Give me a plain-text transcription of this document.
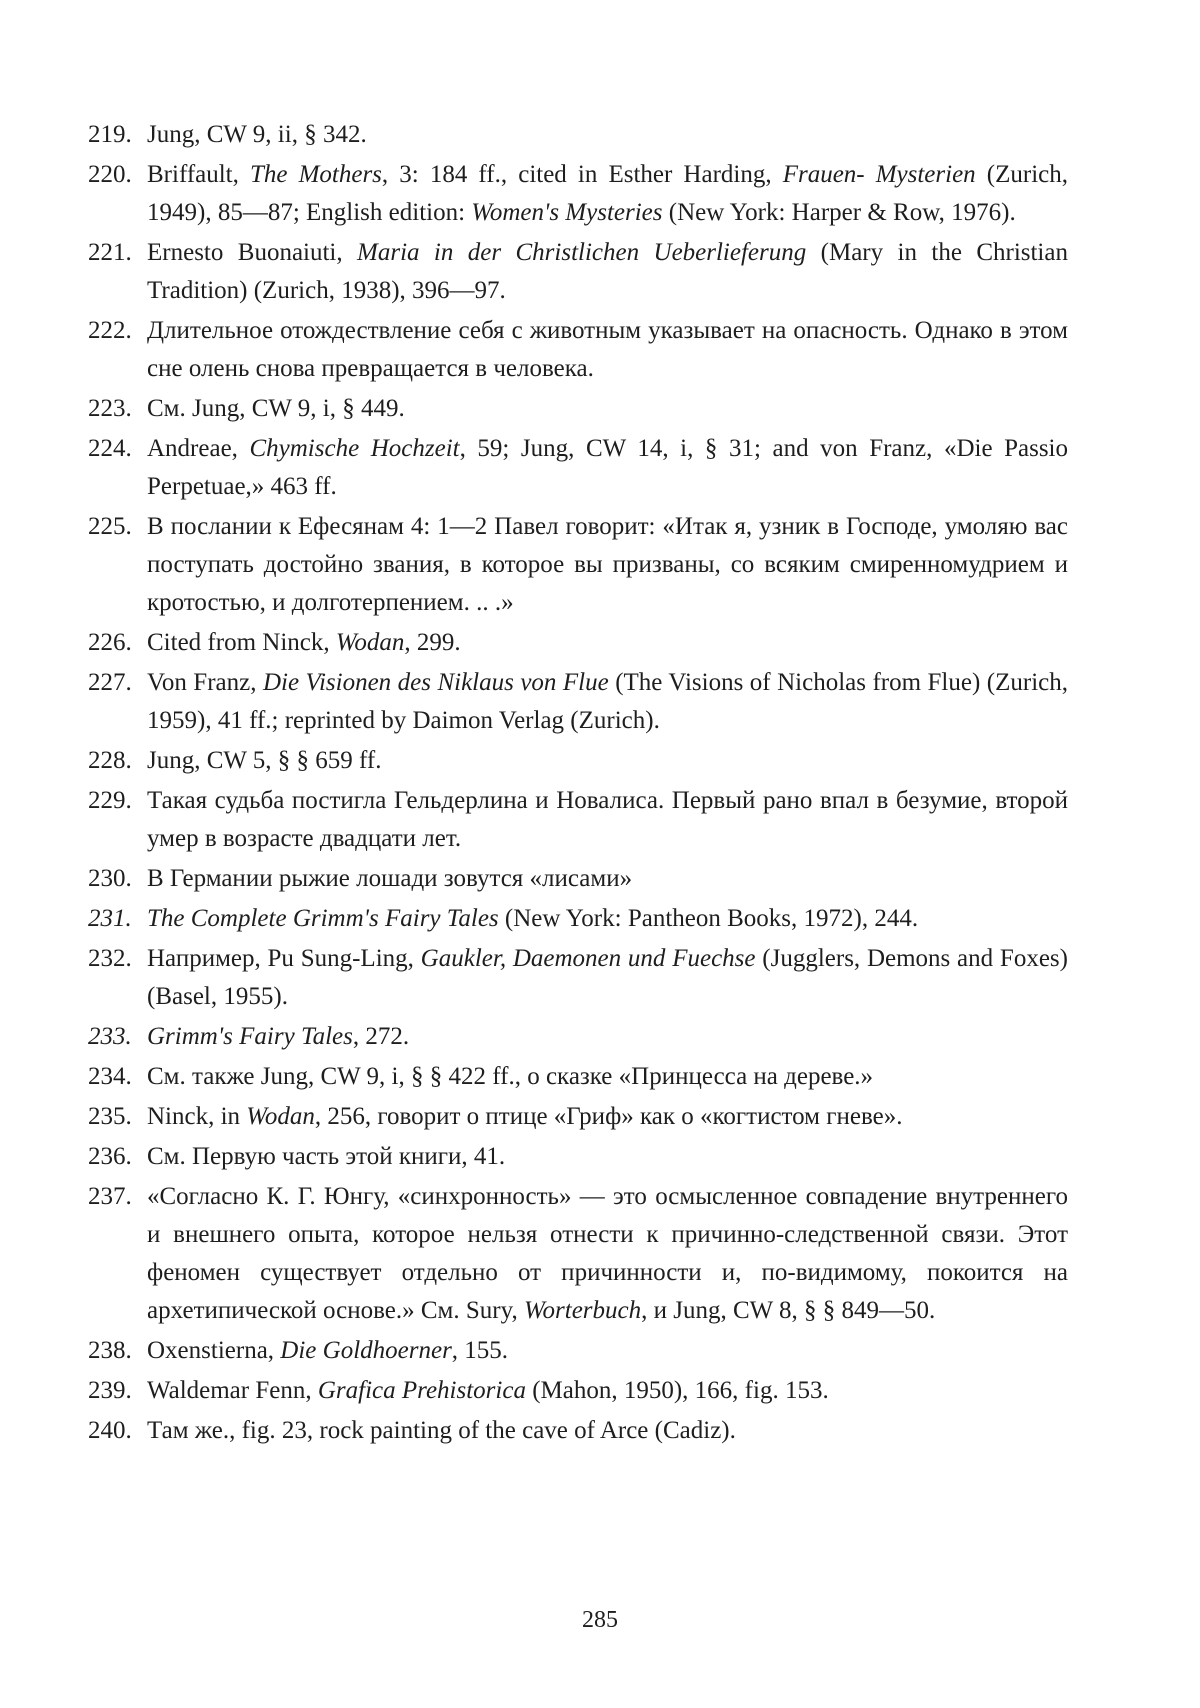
219. Jung, CW 9, ii, § 342.
220. Briffault, The Mothers, 3: 184 ff., cited in Esther Harding, Frauen- Mysterien (Zurich, 1949), 85—87; English edition: Women's Mysteries (New York: Harper & Row, 1976).
221. Ernesto Buonaiuti, Maria in der Christlichen Ueberlieferung (Mary in the Christian Tradition) (Zurich, 1938), 396—97.
222. Длительное отождествление себя с животным указывает на опасность. Однако в этом сне олень снова превращается в человека.
223. См. Jung, CW 9, i, § 449.
224. Andreae, Chymische Hochzeit, 59; Jung, CW 14, i, § 31; and von Franz, «Die Passio Perpetuae,» 463 ff.
225. В послании к Ефесянам 4: 1—2 Павел говорит: «Итак я, узник в Господе, умоляю вас поступать достойно звания, в которое вы призваны, со всяким смиренномудрием и кротостью, и долготерпением. .. .»
226. Cited from Ninck, Wodan, 299.
227. Von Franz, Die Visionen des Niklaus von Flue (The Visions of Nicholas from Flue) (Zurich, 1959), 41 ff.; reprinted by Daimon Verlag (Zurich).
228. Jung, CW 5, § § 659 ff.
229. Такая судьба постигла Гельдерлина и Новалиса. Первый рано впал в безумие, второй умер в возрасте двадцати лет.
230. В Германии рыжие лошади зовутся «лисами»
231. The Complete Grimm's Fairy Tales (New York: Pantheon Books, 1972), 244.
232. Например, Pu Sung-Ling, Gaukler, Daemonen und Fuechse (Jugglers, Demons and Foxes) (Basel, 1955).
233. Grimm's Fairy Tales, 272.
234. См. также Jung, CW 9, i, § § 422 ff., о сказке «Принцесса на дереве.»
235. Ninck, in Wodan, 256, говорит о птице «Гриф» как о «когтистом гневе».
236. См. Первую часть этой книги, 41.
237. «Согласно К. Г. Юнгу, «синхронность» — это осмысленное совпадение внутреннего и внешнего опыта, которое нельзя отнести к причинно-следственной связи. Этот феномен существует отдельно от причинности и, по-видимому, покоится на архетипической основе.» См. Sury, Worterbuch, и Jung, CW 8, § § 849—50.
238. Oxenstierna, Die Goldhoerner, 155.
239. Waldemar Fenn, Grafica Prehistorica (Mahon, 1950), 166, fig. 153.
240. Там же., fig. 23, rock painting of the cave of Arce (Cadiz).
285
